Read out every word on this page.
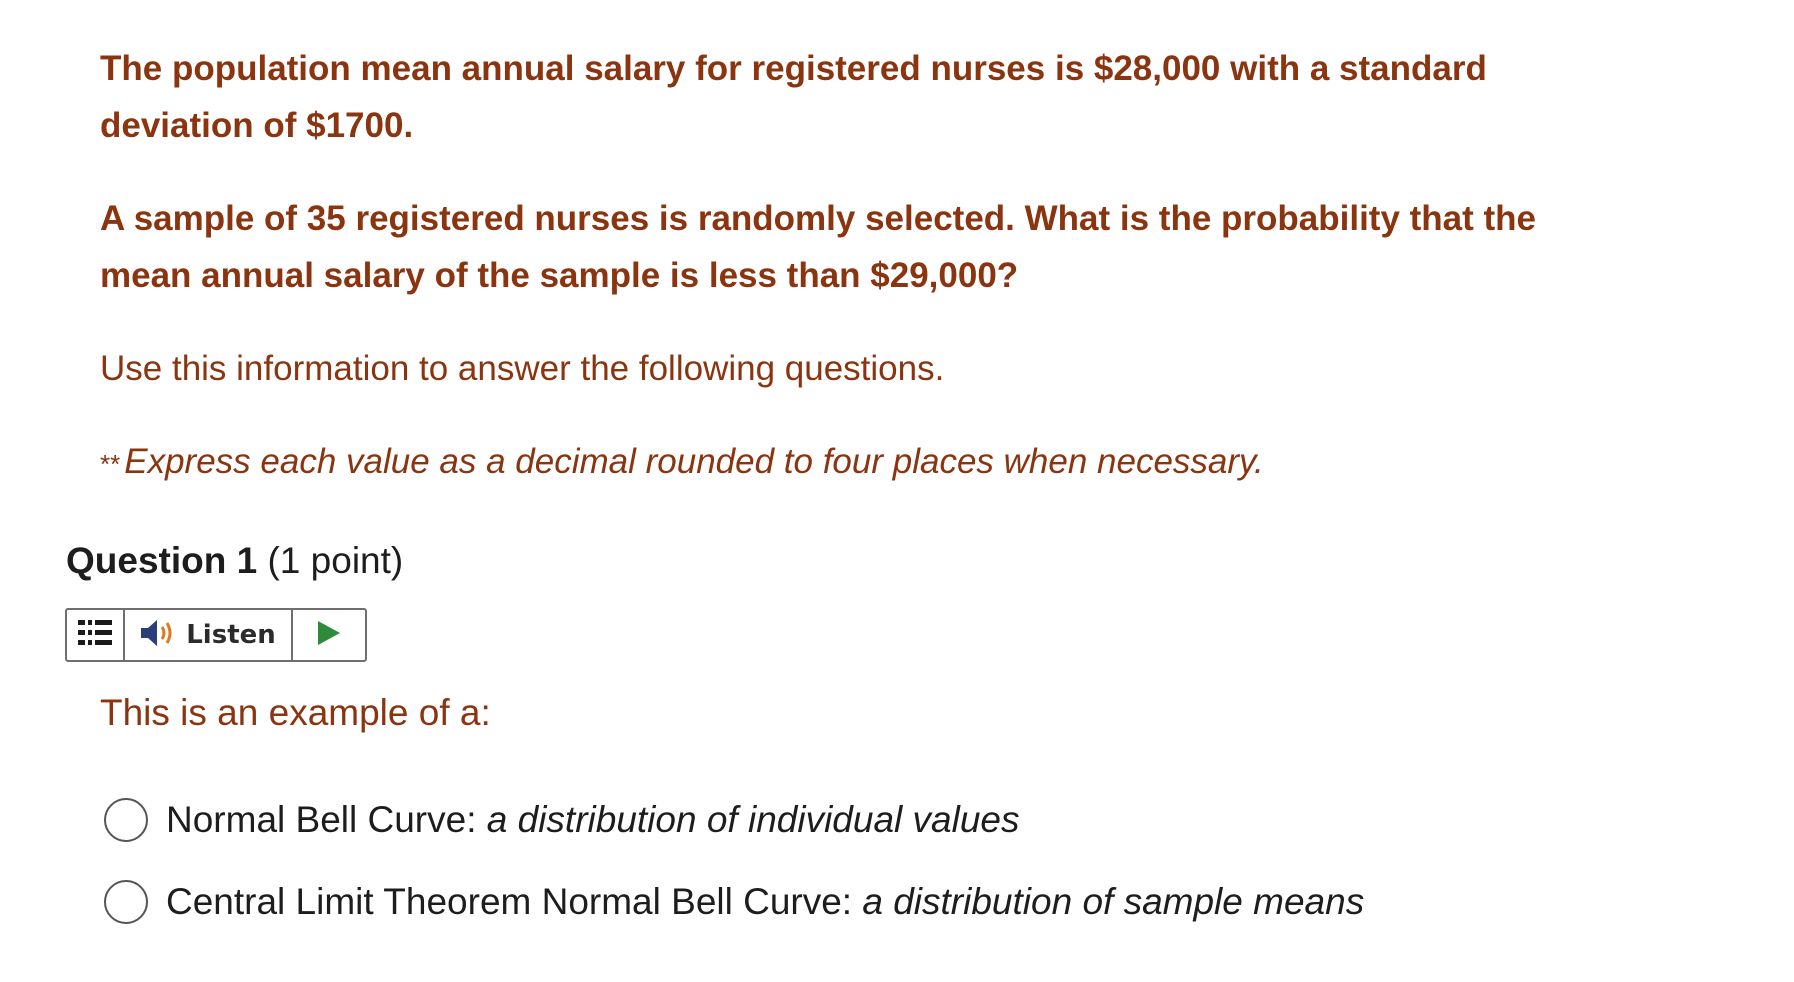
The population mean annual salary for registered nurses is $28,000 with a standard deviation of $1700.

A sample of 35 registered nurses is randomly selected. What is the probability that the mean annual salary of the sample is less than $29,000?

Use this information to answer the following questions.

** Express each value as a decimal rounded to four places when necessary.

Question 1 (1 point)
Listen

This is an example of a:

Normal Bell Curve: a distribution of individual values
Central Limit Theorem Normal Bell Curve: a distribution of sample means
